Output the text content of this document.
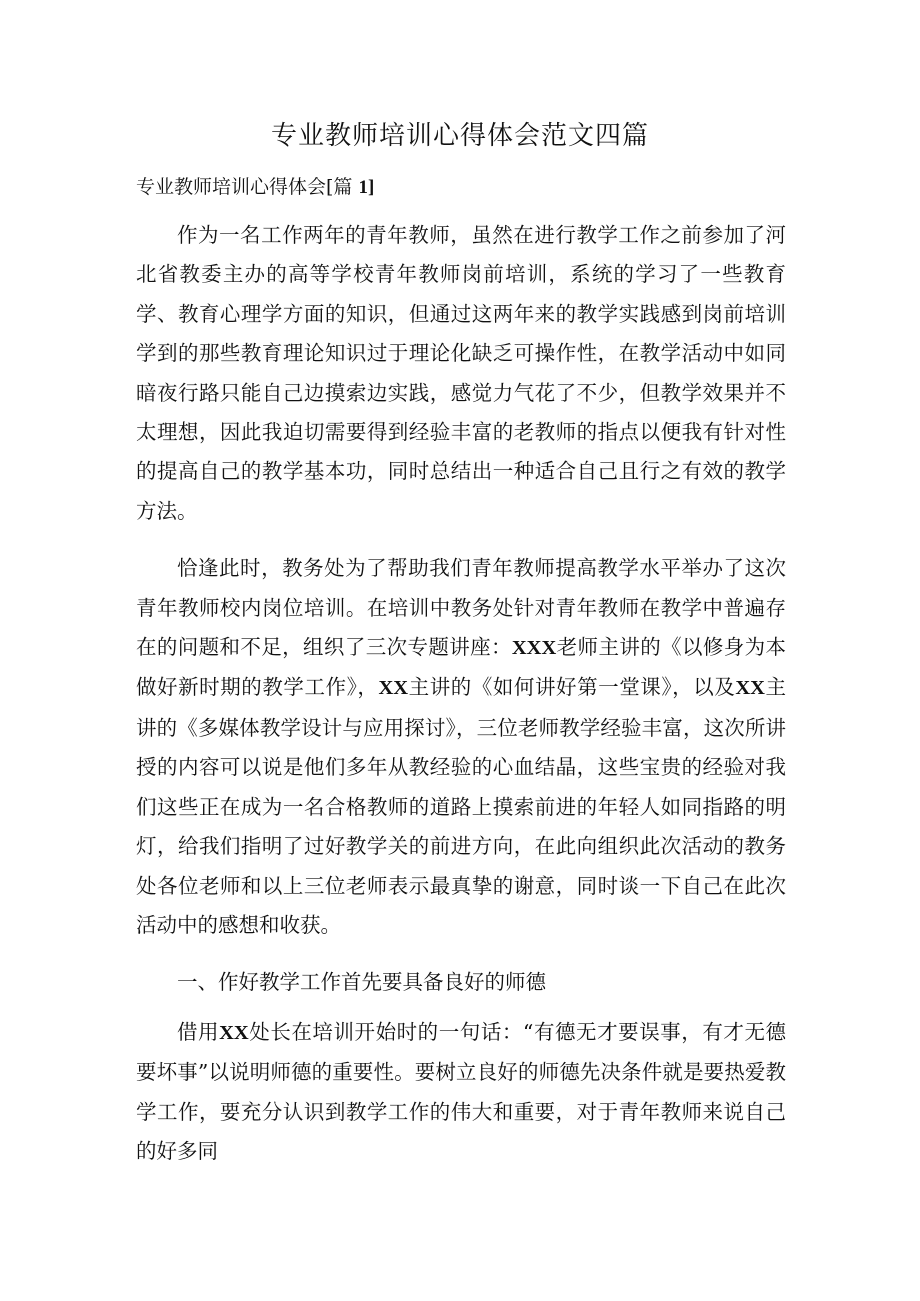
专业教师培训心得体会范文四篇
专业教师培训心得体会[篇 1]

作为一名工作两年的青年教师，虽然在进行教学工作之前参加了河北省教委主办的高等学校青年教师岗前培训，系统的学习了一些教育学、教育心理学方面的知识，但通过这两年来的教学实践感到岗前培训学到的那些教育理论知识过于理论化缺乏可操作性，在教学活动中如同暗夜行路只能自己边摸索边实践，感觉力气花了不少，但教学效果并不太理想，因此我迫切需要得到经验丰富的老教师的指点以便我有针对性的提高自己的教学基本功，同时总结出一种适合自己且行之有效的教学方法。

恰逢此时，教务处为了帮助我们青年教师提高教学水平举办了这次青年教师校内岗位培训。在培训中教务处针对青年教师在教学中普遍存在的问题和不足，组织了三次专题讲座：XXX老师主讲的《以修身为本做好新时期的教学工作》，XX主讲的《如何讲好第一堂课》，以及XX主讲的《多媒体教学设计与应用探讨》，三位老师教学经验丰富，这次所讲授的内容可以说是他们多年从教经验的心血结晶，这些宝贵的经验对我们这些正在成为一名合格教师的道路上摸索前进的年轻人如同指路的明灯，给我们指明了过好教学关的前进方向，在此向组织此次活动的教务处各位老师和以上三位老师表示最真挚的谢意，同时谈一下自己在此次活动中的感想和收获。

一、作好教学工作首先要具备良好的师德

借用XX处长在培训开始时的一句话：“有德无才要误事，有才无德要坏事”以说明师德的重要性。要树立良好的师德先决条件就是要热爱教学工作，要充分认识到教学工作的伟大和重要，对于青年教师来说自己的好多同
